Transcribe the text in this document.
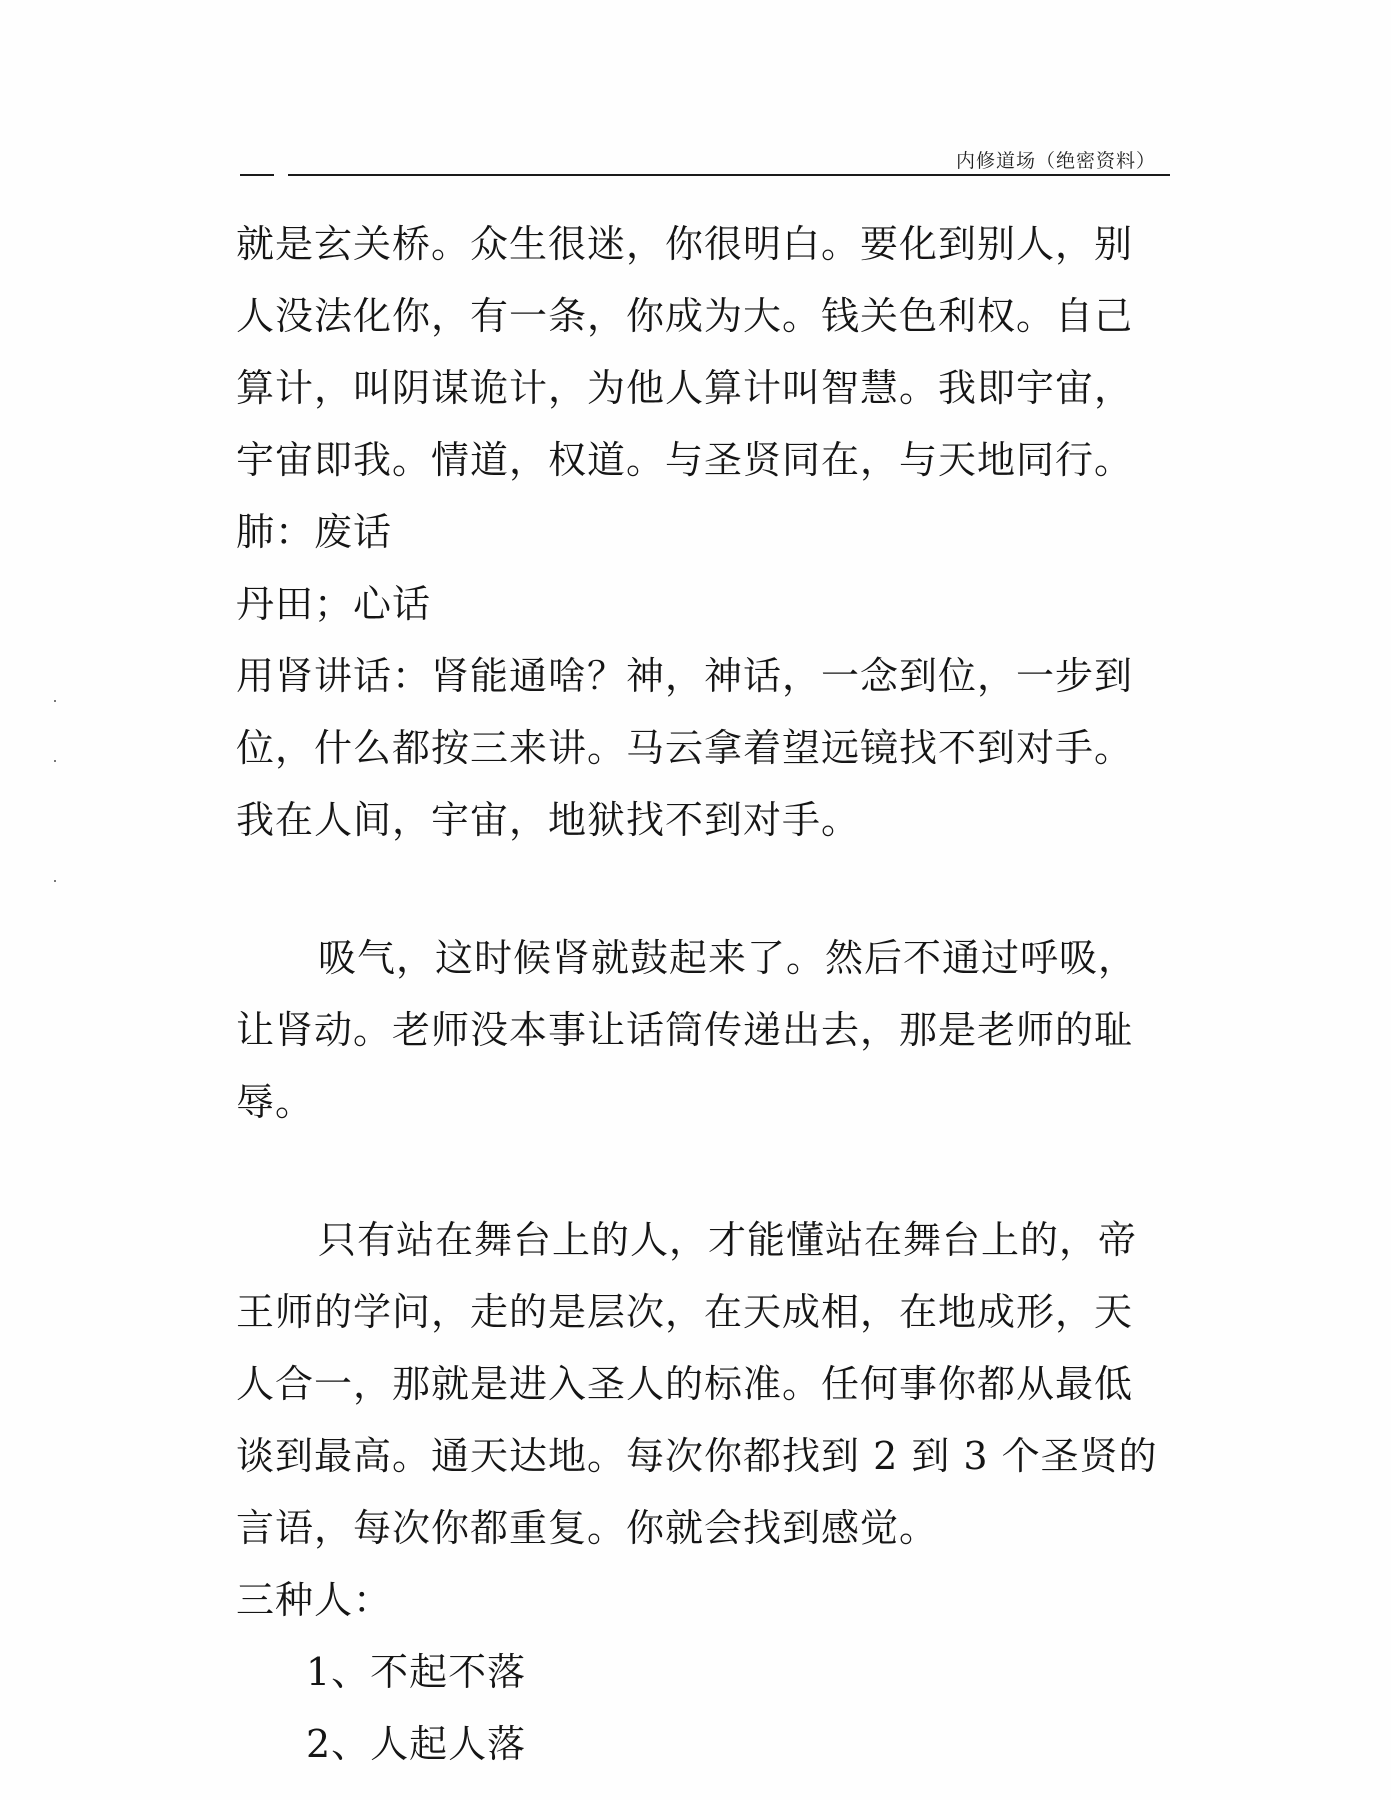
内修道场（绝密资料）
就是玄关桥。众生很迷，你很明白。要化到别人，别
人没法化你，有一条，你成为大。钱关色利权。自己
算计，叫阴谋诡计，为他人算计叫智慧。我即宇宙，
宇宙即我。情道，权道。与圣贤同在，与天地同行。
肺：废话
丹田；心话
用肾讲话：肾能通啥？神，神话，一念到位，一步到
位，什么都按三来讲。马云拿着望远镜找不到对手。
我在人间，宇宙，地狱找不到对手。
吸气，这时候肾就鼓起来了。然后不通过呼吸，
让肾动。老师没本事让话筒传递出去，那是老师的耻
辱。
只有站在舞台上的人，才能懂站在舞台上的，帝
王师的学问，走的是层次，在天成相，在地成形，天
人合一，那就是进入圣人的标准。任何事你都从最低
谈到最高。通天达地。每次你都找到 2 到 3 个圣贤的
言语，每次你都重复。你就会找到感觉。
三种人：
1、不起不落
2、人起人落
